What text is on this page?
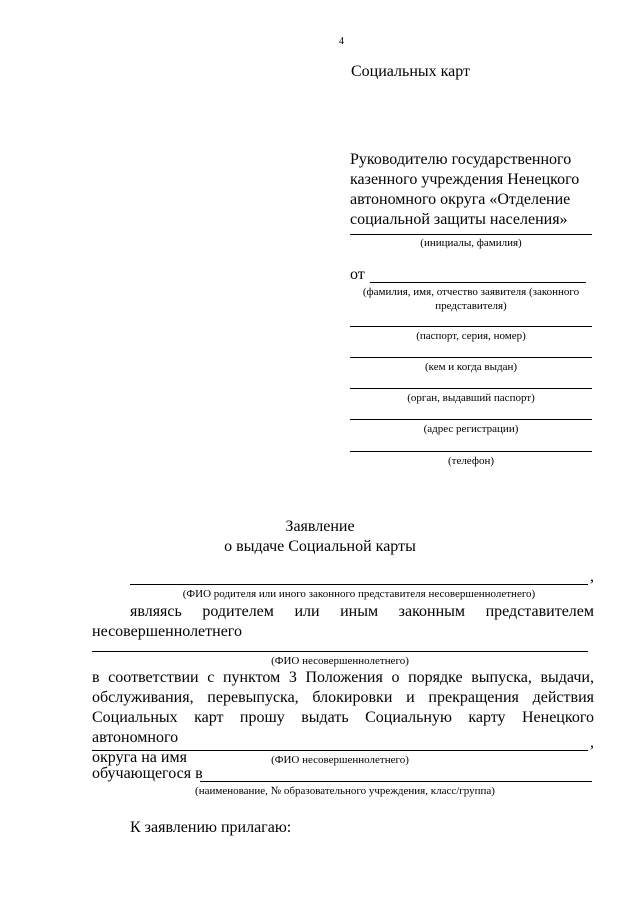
4
Социальных карт
Руководителю государственного
казенного учреждения Ненецкого
автономного округа «Отделение
социальной защиты населения»
(инициалы, фамилия)
от
(фамилия, имя, отчество заявителя (законного
представителя)
(паспорт, серия, номер)
(кем и когда выдан)
(орган, выдавший паспорт)
(адрес регистрации)
(телефон)
Заявление
о выдаче Социальной карты
,
(ФИО родителя или иного законного представителя несовершеннолетнего)
являясь родителем или иным законным представителем
несовершеннолетнего
(ФИО несовершеннолетнего)
в соответствии с пунктом 3 Положения о порядке выпуска, выдачи,
обслуживания, перевыпуска, блокировки и прекращения действия
Социальных карт прошу выдать Социальную карту Ненецкого автономного
округа на имя
,
(ФИО несовершеннолетнего)
обучающегося в
(наименование, № образовательного учреждения, класс/группа)
К заявлению прилагаю:
